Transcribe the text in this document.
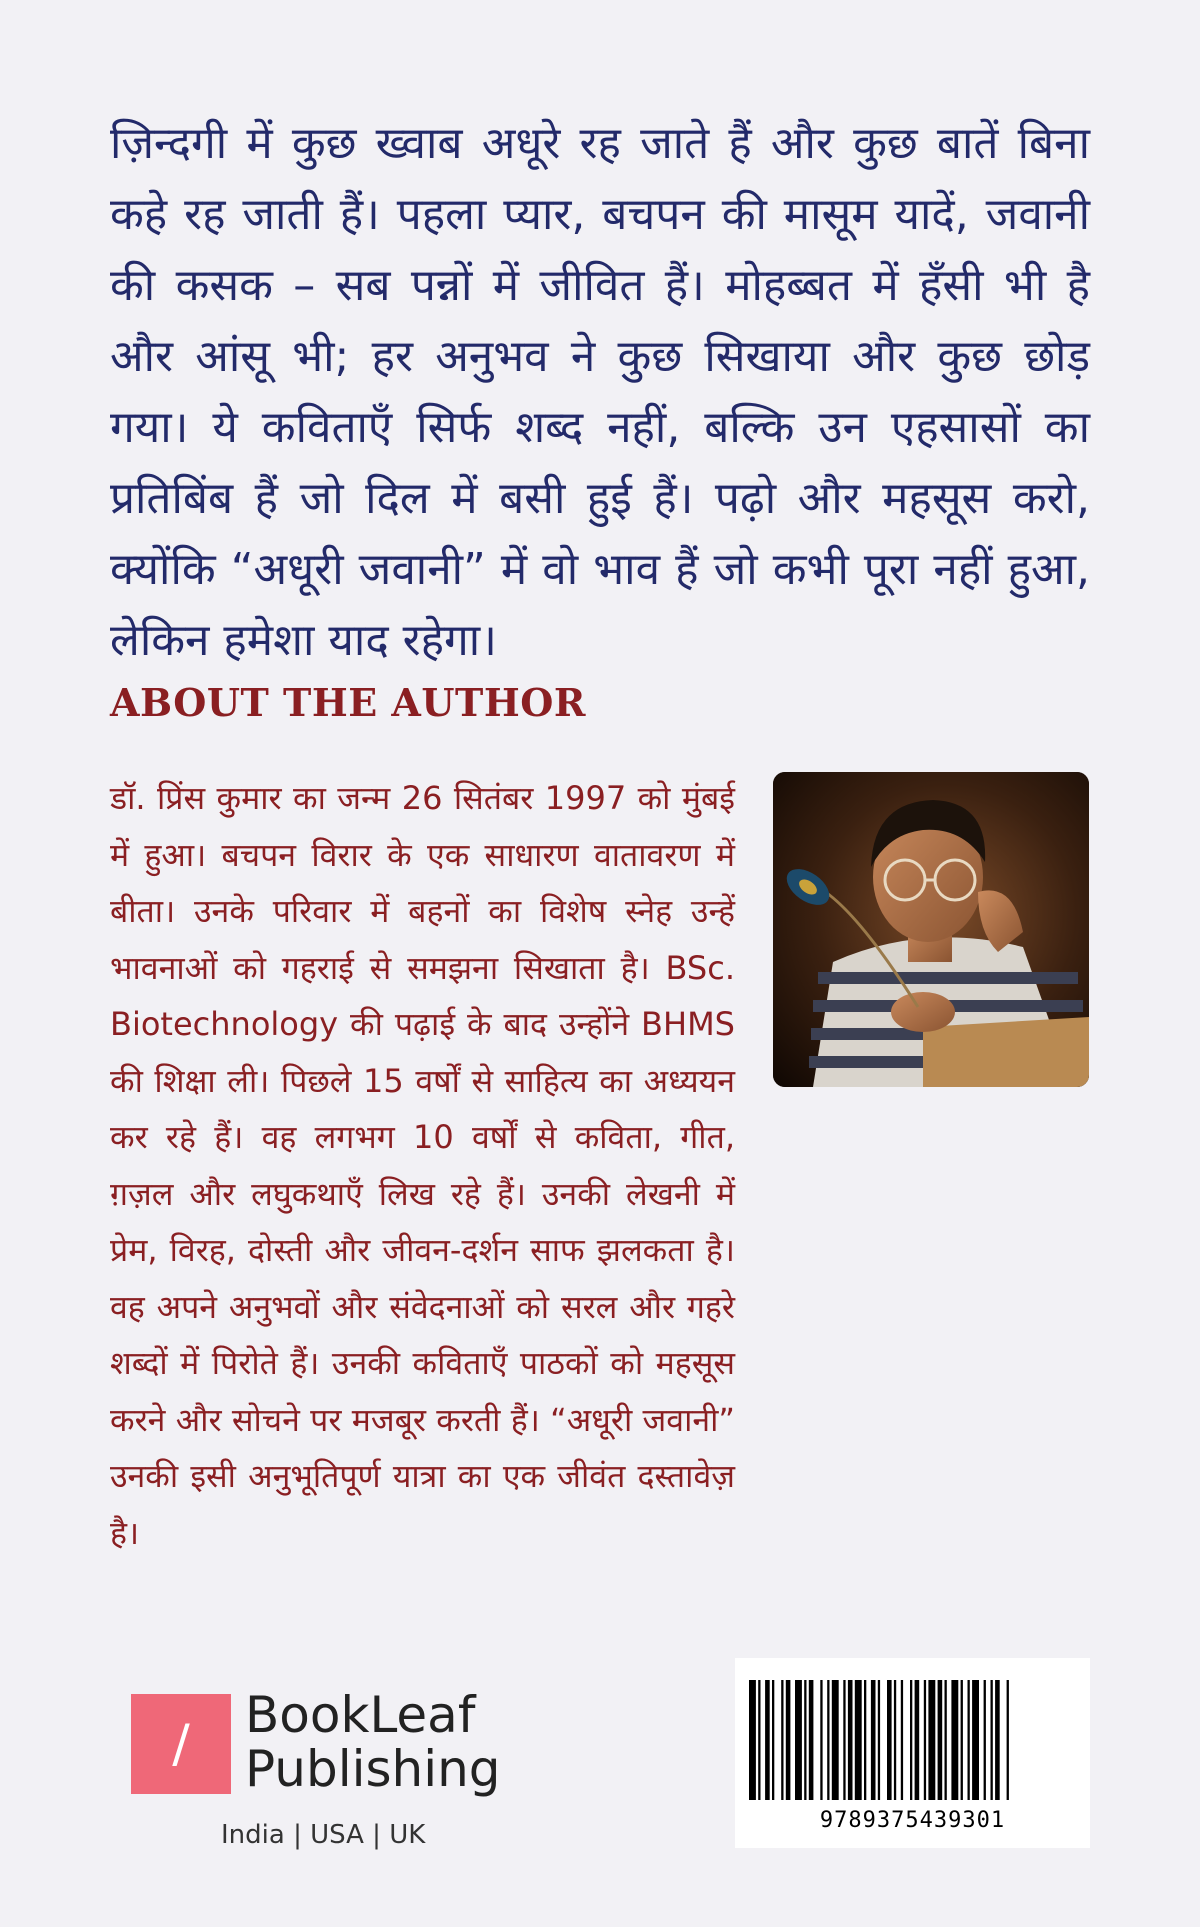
ज़िन्दगी में कुछ ख्वाब अधूरे रह जाते हैं और कुछ बातें बिना कहे रह जाती हैं। पहला प्यार, बचपन की मासूम यादें, जवानी की कसक – सब पन्नों में जीवित हैं। मोहब्बत में हँसी भी है और आंसू भी; हर अनुभव ने कुछ सिखाया और कुछ छोड़ गया। ये कविताएँ सिर्फ शब्द नहीं, बल्कि उन एहसासों का प्रतिबिंब हैं जो दिल में बसी हुई हैं। पढ़ो और महसूस करो, क्योंकि “अधूरी जवानी” में वो भाव हैं जो कभी पूरा नहीं हुआ, लेकिन हमेशा याद रहेगा।

ABOUT THE AUTHOR

डॉ. प्रिंस कुमार का जन्म 26 सितंबर 1997 को मुंबई में हुआ। बचपन विरार के एक साधारण वातावरण में बीता। उनके परिवार में बहनों का विशेष स्नेह उन्हें भावनाओं को गहराई से समझना सिखाता है। BSc. Biotechnology की पढ़ाई के बाद उन्होंने BHMS की शिक्षा ली। पिछले 15 वर्षों से साहित्य का अध्ययन कर रहे हैं। वह लगभग 10 वर्षों से कविता, गीत, ग़ज़ल और लघुकथाएँ लिख रहे हैं। उनकी लेखनी में प्रेम, विरह, दोस्ती और जीवन-दर्शन साफ झलकता है। वह अपने अनुभवों और संवेदनाओं को सरल और गहरे शब्दों में पिरोते हैं। उनकी कविताएँ पाठकों को महसूस करने और सोचने पर मजबूर करती हैं। “अधूरी जवानी” उनकी इसी अनुभूतिपूर्ण यात्रा का एक जीवंत दस्तावेज़ है।

/	BookLeaf
Publishing
India | USA | UK	9789375439301
